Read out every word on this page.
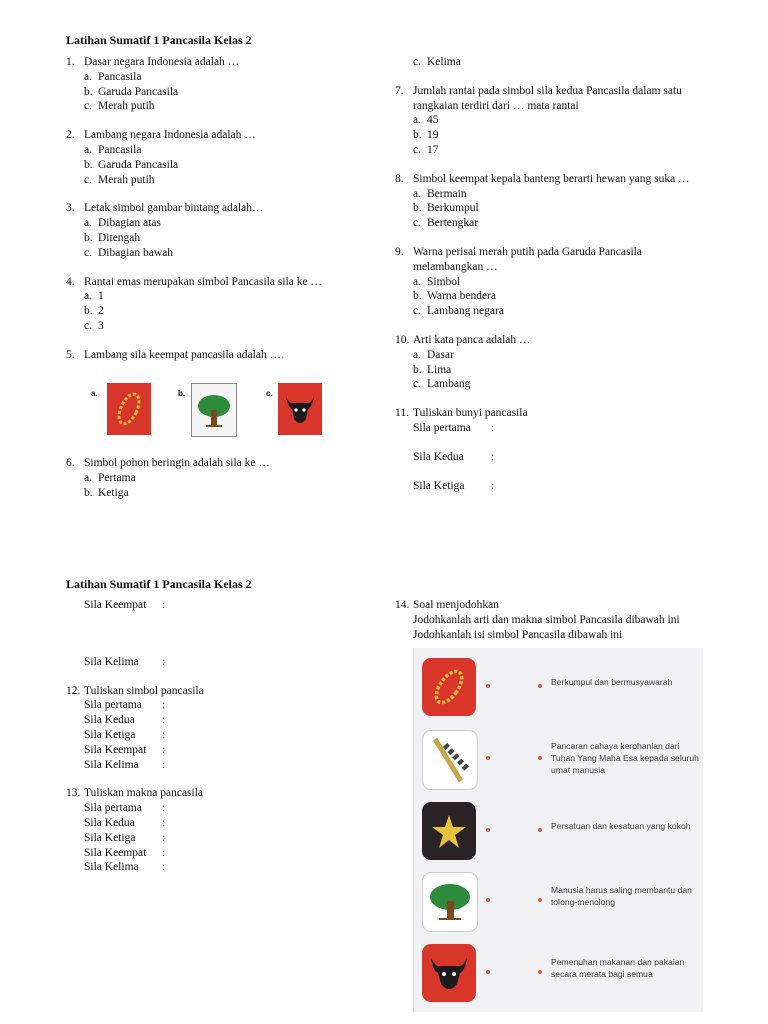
Latihan Sumatif 1 Pancasila Kelas 2
1. Dasar negara Indonesia adalah …
a. Pancasila
b. Garuda Pancasila
c. Merah putih
2. Lambang negara Indonesia adalah …
a. Pancasila
b. Garuda Pancasila
c. Merah putih
3. Letak simbol gambar bintang adalah…
a. Dibagian atas
b. Ditengah
c. Dibagian bawah
4. Rantai emas merupakan simbol Pancasila sila ke …
a. 1
b. 2
c. 3
5. Lambang sila keempat pancasila adalah ….
a.	b.	c.
6. Simbol pohon beringin adalah sila ke …
a. Pertama
b. Ketiga
c. Kelima
7. Jumlah rantai pada simbol sila kedua Pancasila dalam satu
rangkaian terdiri dari … mata rantai
a. 45
b. 19
c. 17
8. Simbol keempat kepala banteng berarti hewan yang suka …
a. Bermain
b. Berkumpul
c. Bertengkar
9. Warna perisai merah putih pada Garuda Pancasila
melambangkan …
a. Simbol
b. Warna bendera
c. Lambang negara
10. Arti kata panca adalah …
a. Dasar
b. Lima
c. Lambang
11. Tuliskan bunyi pancasila
Sila pertama	:
Sila Kedua	:
Sila Ketiga	:
Latihan Sumatif 1 Pancasila Kelas 2
Sila Keempat	:
Sila Kelima	:
12. Tuliskan simbol pancasila
Sila pertama	:
Sila Kedua	:
Sila Ketiga	:
Sila Keempat	:
Sila Kelima	:
13. Tuliskan makna pancasila
Sila pertama	:
Sila Kedua	:
Sila Ketiga	:
Sila Keempat	:
Sila Kelima	:
14. Soal menjodohkan
Jodohkanlah arti dan makna simbol Pancasila dibawah ini
Jodohkanlah isi simbol Pancasila dibawah ini
Berkumpul dan bermusyawarah
Pancaran cahaya kerohanian dari Tuhan Yang Maha Esa kepada seluruh umat manusia
Persatuan dan kesatuan yang kokoh
Manusia harus saling membantu dan tolong-menolong
Pemenuhan makanan dan pakaian secara merata bagi semua
